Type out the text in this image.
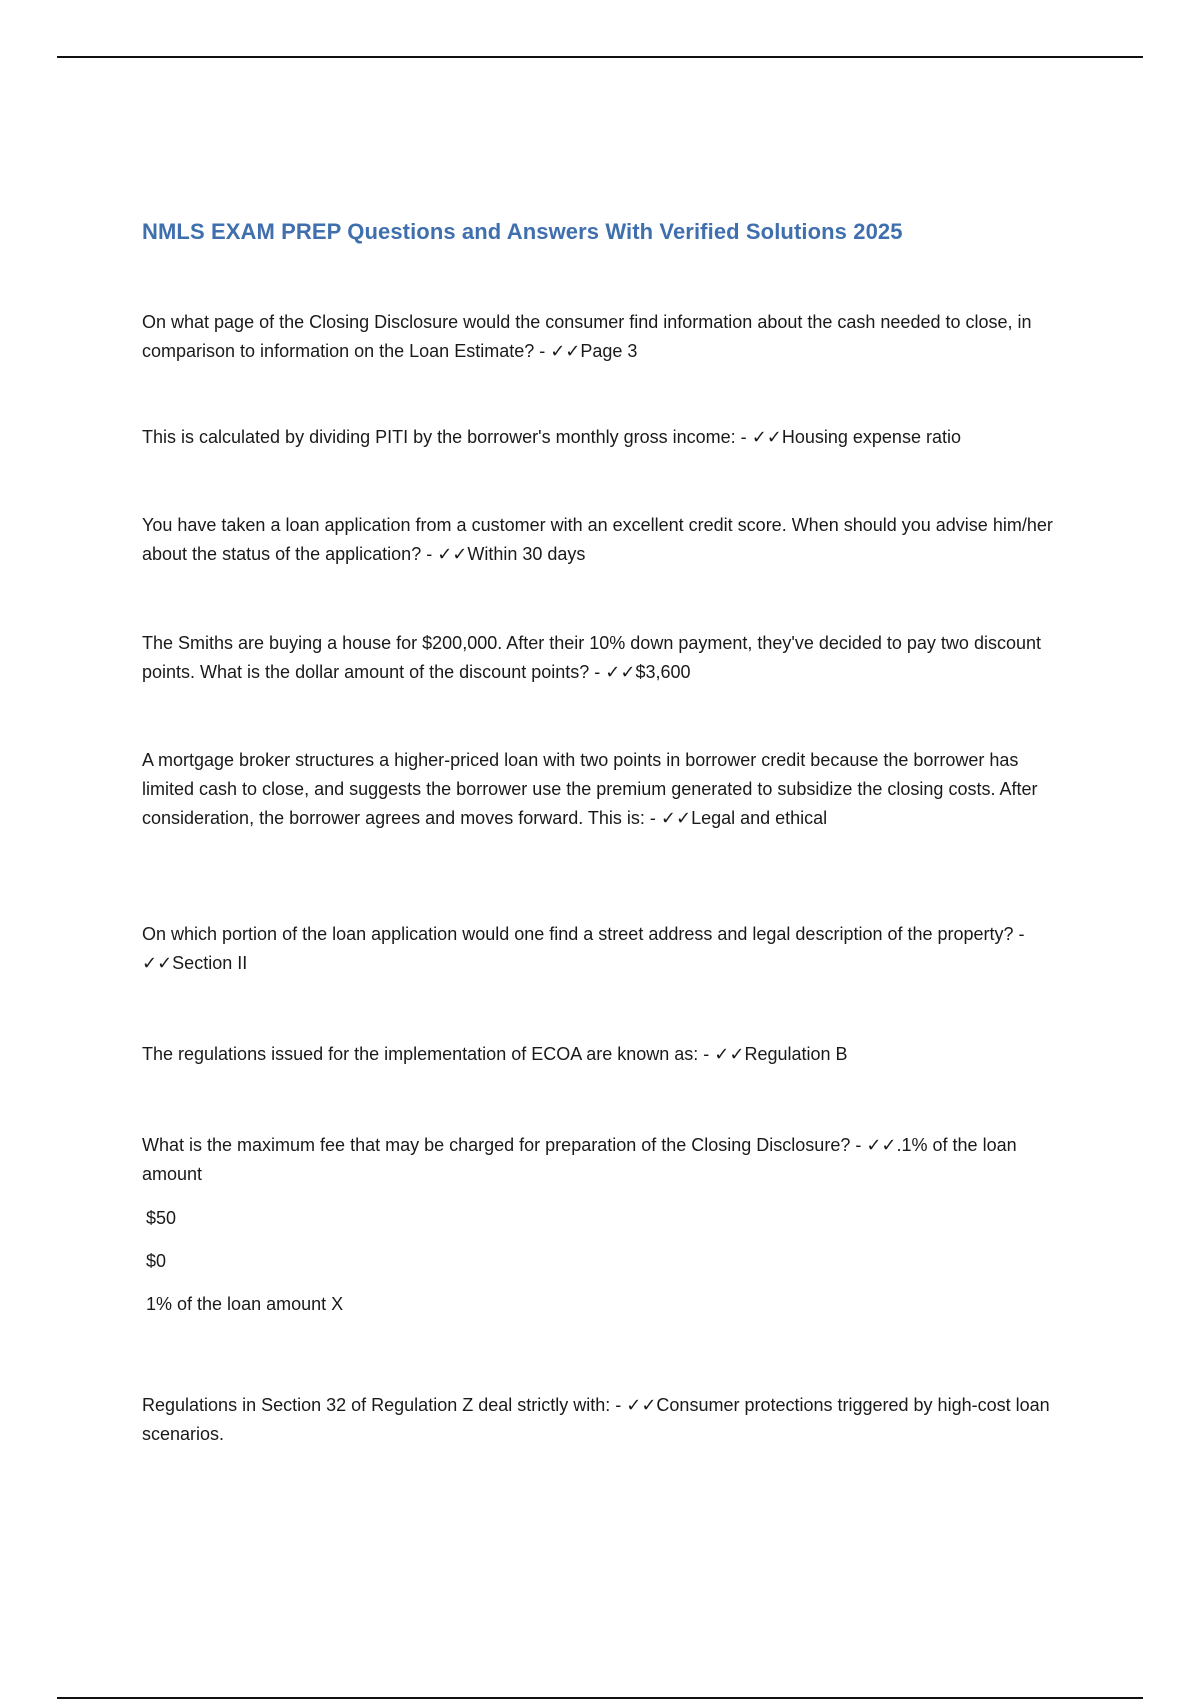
NMLS EXAM PREP Questions and Answers With Verified Solutions 2025

On what page of the Closing Disclosure would the consumer find information about the cash needed to close, in comparison to information on the Loan Estimate? - ✓✓Page 3

This is calculated by dividing PITI by the borrower's monthly gross income: - ✓✓Housing expense ratio

You have taken a loan application from a customer with an excellent credit score. When should you advise him/her about the status of the application? - ✓✓Within 30 days

The Smiths are buying a house for $200,000. After their 10% down payment, they've decided to pay two discount points. What is the dollar amount of the discount points? - ✓✓$3,600

A mortgage broker structures a higher-priced loan with two points in borrower credit because the borrower has limited cash to close, and suggests the borrower use the premium generated to subsidize the closing costs. After consideration, the borrower agrees and moves forward. This is: - ✓✓Legal and ethical

On which portion of the loan application would one find a street address and legal description of the property? - ✓✓Section II

The regulations issued for the implementation of ECOA are known as: - ✓✓Regulation B

What is the maximum fee that may be charged for preparation of the Closing Disclosure? - ✓✓.1% of the loan amount

$50
$0
1% of the loan amount X

Regulations in Section 32 of Regulation Z deal strictly with: - ✓✓Consumer protections triggered by high-cost loan scenarios.
